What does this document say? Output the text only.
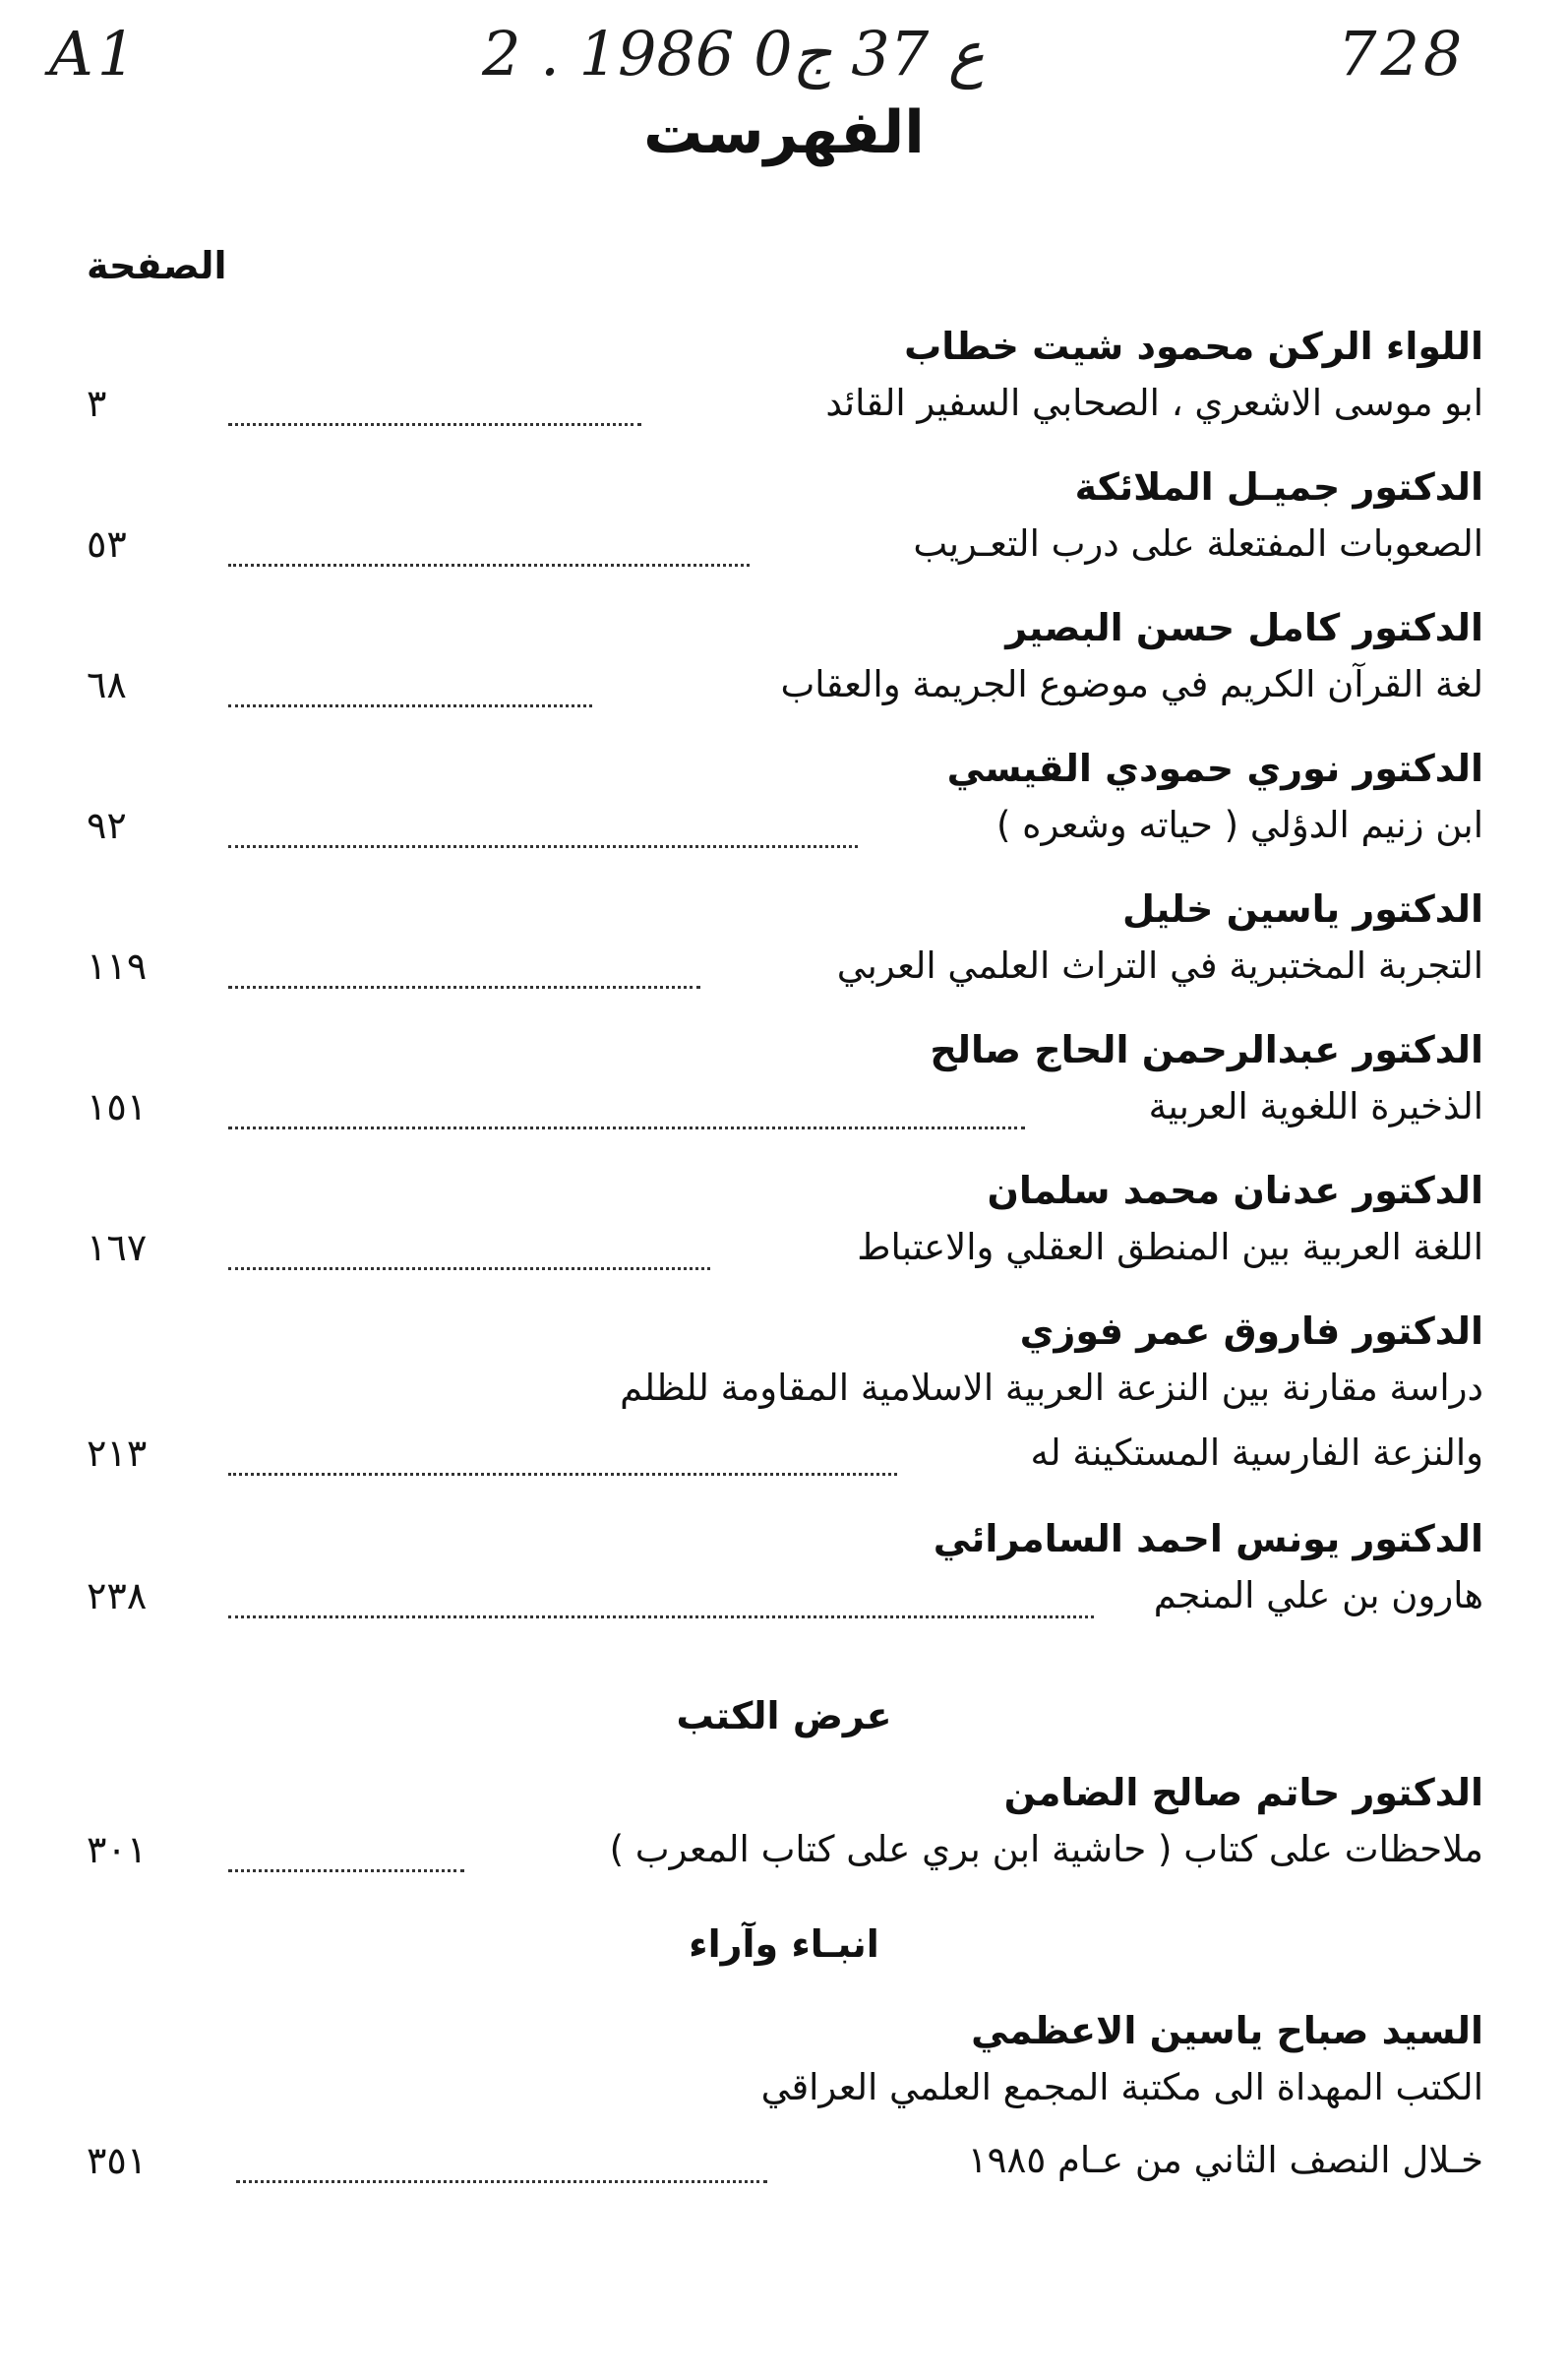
A1	2 . ع 37 ج0 1986	728
الفهرست
الصفحة
اللواء الركن محمود شيت خطاب
ابو موسى الاشعري ، الصحابي السفير القائد
٣
الدكتور جميـل الملائكة
الصعوبات المفتعلة على درب التعـريب
٥٣
الدكتور كامل حسن البصير
لغة القرآن الكريم في موضوع الجريمة والعقاب
٦٨
الدكتور نوري حمودي القيسي
ابن زنيم الدؤلي ( حياته وشعره )
٩٢
الدكتور ياسين خليل
التجربة المختبرية في التراث العلمي العربي
١١٩
الدكتور عبدالرحمن الحاج صالح
الذخيرة اللغوية العربية
١٥١
الدكتور عدنان محمد سلمان
اللغة العربية بين المنطق العقلي والاعتباط
١٦٧
الدكتور فاروق عمر فوزي
دراسة مقارنة بين النزعة العربية الاسلامية المقاومة للظلم
والنزعة الفارسية المستكينة له
٢١٣
الدكتور يونس احمد السامرائي
هارون بن علي المنجم
٢٣٨
عرض الكتب
الدكتور حاتم صالح الضامن
ملاحظات على كتاب ( حاشية ابن بري على كتاب المعرب )
٣٠١
انبـاء وآراء
السيد صباح ياسين الاعظمي
الكتب المهداة الى مكتبة المجمع العلمي العراقي
خـلال النصف الثاني من عـام ١٩٨٥
٣٥١
